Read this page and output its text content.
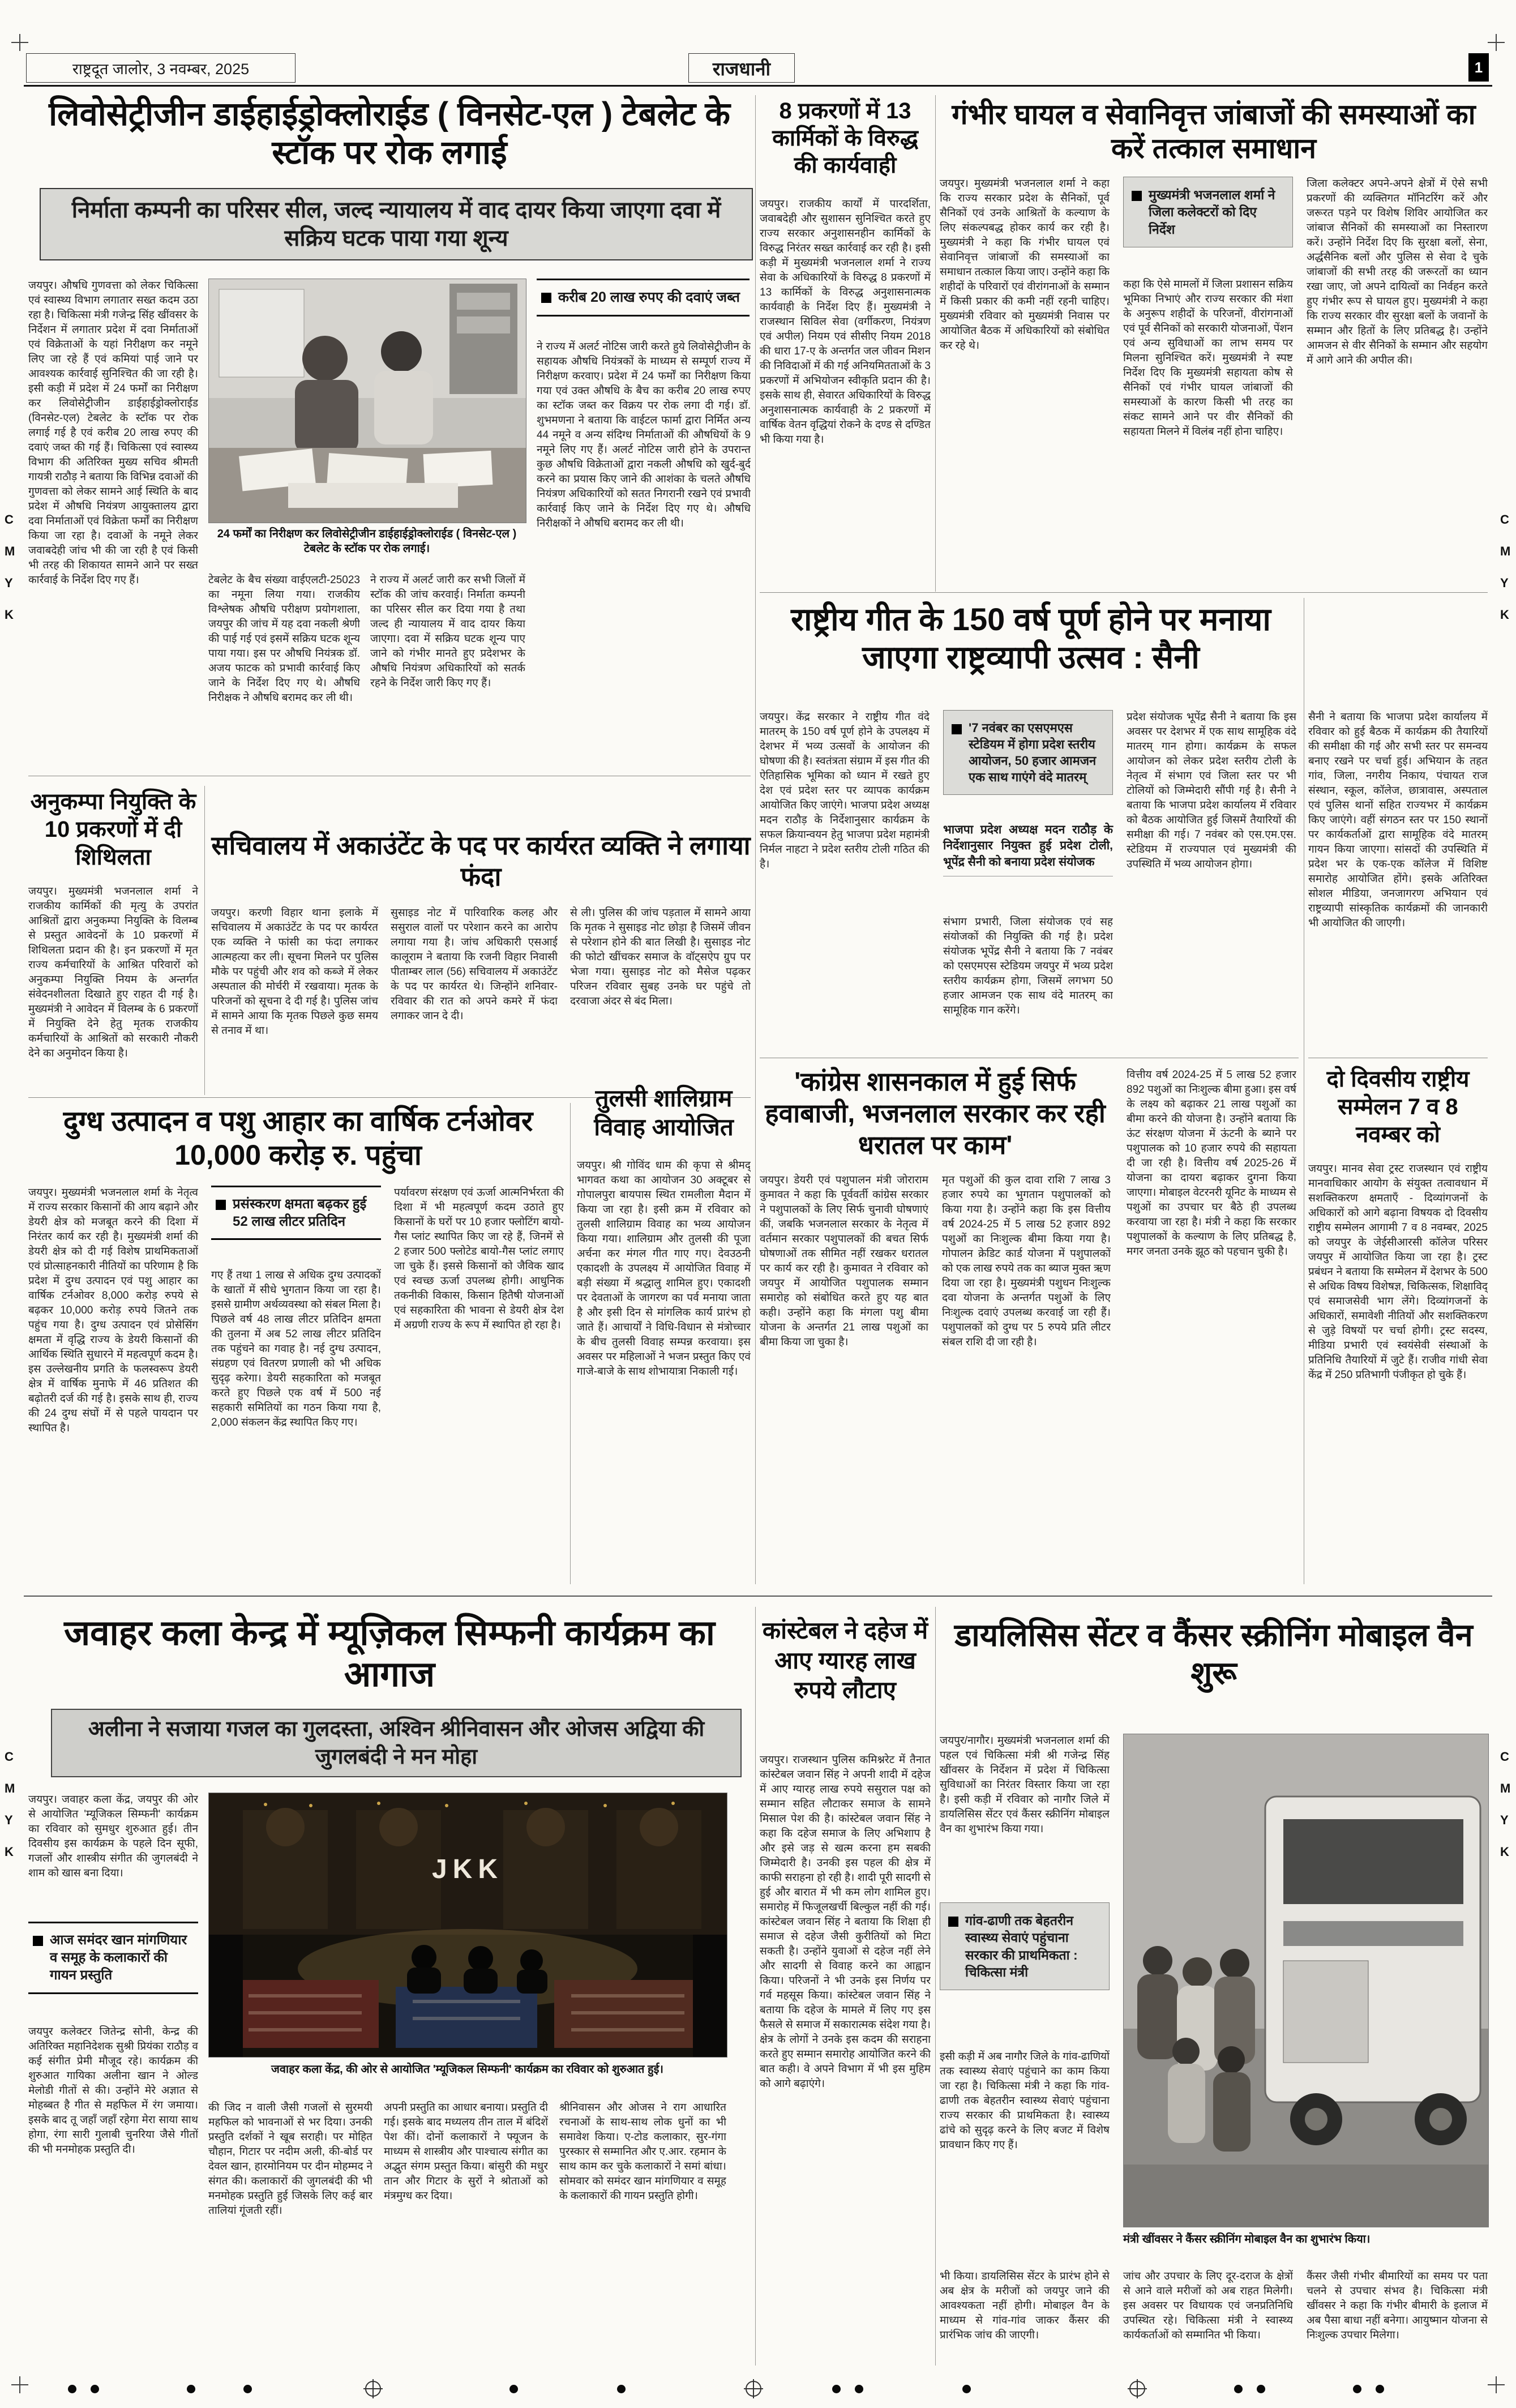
राष्ट्रदूत जालोर, 3 नवम्बर, 2025	राजधानी	1
लिवोसेट्रीजीन डाईहाईड्रोक्लोराईड ( विनसेट-एल ) टेबलेट के स्टॉक पर रोक लगाई
निर्माता कम्पनी का परिसर सील, जल्द न्यायालय में वाद दायर किया जाएगा दवा में सक्रिय घटक पाया गया शून्य
जयपुर। औषधि गुणवत्ता को लेकर चिकित्सा एवं स्वास्थ्य विभाग लगातार सख्त कदम उठा रहा है। चिकित्सा मंत्री गजेन्द्र सिंह खींवसर के निर्देशन में लगातार प्रदेश में दवा निर्माताओं एवं विक्रेताओं के यहां निरीक्षण कर नमूने लिए जा रहे हैं एवं कमियां पाई जाने पर आवश्यक कार्रवाई सुनिश्चित की जा रही है। इसी कड़ी में प्रदेश में 24 फर्मों का निरीक्षण कर लिवोसेट्रीजीन डाईहाईड्रोक्लोराईड (विनसेट-एल) टेबलेट के स्टॉक पर रोक लगाई गई है एवं करीब 20 लाख रुपए की दवाएं जब्त की गई हैं। चिकित्सा एवं स्वास्थ्य विभाग की अतिरिक्त मुख्य सचिव श्रीमती गायत्री राठौड़ ने बताया कि विभिन्न दवाओं की गुणवत्ता को लेकर सामने आई स्थिति के बाद प्रदेश में औषधि नियंत्रण आयुक्तालय द्वारा दवा निर्माताओं एवं विक्रेता फर्मों का निरीक्षण किया जा रहा है। दवाओं के नमूने लेकर जवाबदेही जांच भी की जा रही है एवं किसी भी तरह की शिकायत सामने आने पर सख्त कार्रवाई के निर्देश दिए गए हैं।
24 फर्मों का निरीक्षण कर लिवोसेट्रीजीन डाईहाईड्रोक्लोराईड ( विनसेट-एल ) टेबलेट के स्टॉक पर रोक लगाई।
टेबलेट के बैच संख्या वाईएलटी-25023 का नमूना लिया गया। राजकीय विश्लेषक औषधि परीक्षण प्रयोगशाला, जयपुर की जांच में यह दवा नकली श्रेणी की पाई गई एवं इसमें सक्रिय घटक शून्य पाया गया। इस पर औषधि नियंत्रक डॉ. अजय फाटक को प्रभावी कार्रवाई किए जाने के निर्देश दिए गए थे। औषधि निरीक्षक ने औषधि बरामद कर ली थी।
ने राज्य में अलर्ट जारी कर सभी जिलों में स्टॉक की जांच करवाई। निर्माता कम्पनी का परिसर सील कर दिया गया है तथा जल्द ही न्यायालय में वाद दायर किया जाएगा। दवा में सक्रिय घटक शून्य पाए जाने को गंभीर मानते हुए प्रदेशभर के औषधि नियंत्रण अधिकारियों को सतर्क रहने के निर्देश जारी किए गए हैं।
करीब 20 लाख रुपए की दवाएं जब्त
ने राज्य में अलर्ट नोटिस जारी करते हुये लिवोसेट्रीजीन के सहायक औषधि नियंत्रकों के माध्यम से सम्पूर्ण राज्य में निरीक्षण करवाए। प्रदेश में 24 फर्मों का निरीक्षण किया गया एवं उक्त औषधि के बैच का करीब 20 लाख रुपए का स्टॉक जब्त कर विक्रय पर रोक लगा दी गई। डॉ. शुभमणना ने बताया कि वाईटल फार्मा द्वारा निर्मित अन्य 44 नमूने व अन्य संदिग्ध निर्माताओं की औषधियों के 9 नमूने लिए गए हैं। अलर्ट नोटिस जारी होने के उपरान्त कुछ औषधि विक्रेताओं द्वारा नकली औषधि को खुर्द-बुर्द करने का प्रयास किए जाने की आशंका के चलते औषधि नियंत्रण अधिकारियों को सतत निगरानी रखने एवं प्रभावी कार्रवाई किए जाने के निर्देश दिए गए थे। औषधि निरीक्षकों ने औषधि बरामद कर ली थी।
8 प्रकरणों में 13 कार्मिकों के विरुद्ध की कार्यवाही
जयपुर। राजकीय कार्यों में पारदर्शिता, जवाबदेही और सुशासन सुनिश्चित करते हुए राज्य सरकार अनुशासनहीन कार्मिकों के विरुद्ध निरंतर सख्त कार्रवाई कर रही है। इसी कड़ी में मुख्यमंत्री भजनलाल शर्मा ने राज्य सेवा के अधिकारियों के विरुद्ध 8 प्रकरणों में 13 कार्मिकों के विरुद्ध अनुशासनात्मक कार्यवाही के निर्देश दिए हैं। मुख्यमंत्री ने राजस्थान सिविल सेवा (वर्गीकरण, नियंत्रण एवं अपील) नियम एवं सीसीए नियम 2018 की धारा 17-ए के अन्तर्गत जल जीवन मिशन की निविदाओं में की गई अनियमितताओं के 3 प्रकरणों में अभियोजन स्वीकृति प्रदान की है। इसके साथ ही, सेवारत अधिकारियों के विरुद्ध अनुशासनात्मक कार्यवाही के 2 प्रकरणों में वार्षिक वेतन वृद्धियां रोकने के दण्ड से दण्डित भी किया गया है।
गंभीर घायल व सेवानिवृत्त जांबाजों की समस्याओं का करें तत्काल समाधान
जयपुर। मुख्यमंत्री भजनलाल शर्मा ने कहा कि राज्य सरकार प्रदेश के सैनिकों, पूर्व सैनिकों एवं उनके आश्रितों के कल्याण के लिए संकल्पबद्ध होकर कार्य कर रही है। मुख्यमंत्री ने कहा कि गंभीर घायल एवं सेवानिवृत्त जांबाजों की समस्याओं का समाधान तत्काल किया जाए। उन्होंने कहा कि शहीदों के परिवारों एवं वीरांगनाओं के सम्मान में किसी प्रकार की कमी नहीं रहनी चाहिए। मुख्यमंत्री रविवार को मुख्यमंत्री निवास पर आयोजित बैठक में अधिकारियों को संबोधित कर रहे थे।
मुख्यमंत्री भजनलाल शर्मा ने जिला कलेक्टरों को दिए निर्देश
कहा कि ऐसे मामलों में जिला प्रशासन सक्रिय भूमिका निभाएं और राज्य सरकार की मंशा के अनुरूप शहीदों के परिजनों, वीरांगनाओं एवं पूर्व सैनिकों को सरकारी योजनाओं, पेंशन एवं अन्य सुविधाओं का लाभ समय पर मिलना सुनिश्चित करें। मुख्यमंत्री ने स्पष्ट निर्देश दिए कि मुख्यमंत्री सहायता कोष से सैनिकों एवं गंभीर घायल जांबाजों की समस्याओं के कारण किसी भी तरह का संकट सामने आने पर वीर सैनिकों की सहायता मिलने में विलंब नहीं होना चाहिए।
जिला कलेक्टर अपने-अपने क्षेत्रों में ऐसे सभी प्रकरणों की व्यक्तिगत मॉनिटरिंग करें और जरूरत पड़ने पर विशेष शिविर आयोजित कर जांबाज सैनिकों की समस्याओं का निस्तारण करें। उन्होंने निर्देश दिए कि सुरक्षा बलों, सेना, अर्द्धसैनिक बलों और पुलिस से सेवा दे चुके जांबाजों की सभी तरह की जरूरतों का ध्यान रखा जाए, जो अपने दायित्वों का निर्वहन करते हुए गंभीर रूप से घायल हुए। मुख्यमंत्री ने कहा कि राज्य सरकार वीर सुरक्षा बलों के जवानों के सम्मान और हितों के लिए प्रतिबद्ध है। उन्होंने आमजन से वीर सैनिकों के सम्मान और सहयोग में आगे आने की अपील की।
राष्ट्रीय गीत के 150 वर्ष पूर्ण होने पर मनाया जाएगा राष्ट्रव्यापी उत्सव : सैनी
जयपुर। केंद्र सरकार ने राष्ट्रीय गीत वंदे मातरम् के 150 वर्ष पूर्ण होने के उपलक्ष्य में देशभर में भव्य उत्सवों के आयोजन की घोषणा की है। स्वतंत्रता संग्राम में इस गीत की ऐतिहासिक भूमिका को ध्यान में रखते हुए देश एवं प्रदेश स्तर पर व्यापक कार्यक्रम आयोजित किए जाएंगे। भाजपा प्रदेश अध्यक्ष मदन राठौड़ के निर्देशानुसार कार्यक्रम के सफल क्रियान्वयन हेतु भाजपा प्रदेश महामंत्री निर्मल नाहटा ने प्रदेश स्तरीय टोली गठित की है।
'7 नवंबर का एसएमएस स्टेडियम में होगा प्रदेश स्तरीय आयोजन, 50 हजार आमजन एक साथ गाएंगे वंदे मातरम्
भाजपा प्रदेश अध्यक्ष मदन राठौड़ के निर्देशानुसार नियुक्त हुई प्रदेश टोली, भूपेंद्र सैनी को बनाया प्रदेश संयोजक
संभाग प्रभारी, जिला संयोजक एवं सह संयोजकों की नियुक्ति की गई है। प्रदेश संयोजक भूपेंद्र सैनी ने बताया कि 7 नवंबर को एसएमएस स्टेडियम जयपुर में भव्य प्रदेश स्तरीय कार्यक्रम होगा, जिसमें लगभग 50 हजार आमजन एक साथ वंदे मातरम् का सामूहिक गान करेंगे।
प्रदेश संयोजक भूपेंद्र सैनी ने बताया कि इस अवसर पर देशभर में एक साथ सामूहिक वंदे मातरम् गान होगा। कार्यक्रम के सफल आयोजन को लेकर प्रदेश स्तरीय टोली के नेतृत्व में संभाग एवं जिला स्तर पर भी टोलियों को जिम्मेदारी सौंपी गई है। सैनी ने बताया कि भाजपा प्रदेश कार्यालय में रविवार को बैठक आयोजित हुई जिसमें तैयारियों की समीक्षा की गई। 7 नवंबर को एस.एम.एस. स्टेडियम में राज्यपाल एवं मुख्यमंत्री की उपस्थिति में भव्य आयोजन होगा।
सैनी ने बताया कि भाजपा प्रदेश कार्यालय में रविवार को हुई बैठक में कार्यक्रम की तैयारियों की समीक्षा की गई और सभी स्तर पर समन्वय बनाए रखने पर चर्चा हुई। अभियान के तहत गांव, जिला, नगरीय निकाय, पंचायत राज संस्थान, स्कूल, कॉलेज, छात्रावास, अस्पताल एवं पुलिस थानों सहित राज्यभर में कार्यक्रम किए जाएंगे। वहीं संगठन स्तर पर 150 स्थानों पर कार्यकर्ताओं द्वारा सामूहिक वंदे मातरम् गायन किया जाएगा। सांसदों की उपस्थिति में प्रदेश भर के एक-एक कॉलेज में विशिष्ट समारोह आयोजित होंगे। इसके अतिरिक्त सोशल मीडिया, जनजागरण अभियान एवं राष्ट्रव्यापी सांस्कृतिक कार्यक्रमों की जानकारी भी आयोजित की जाएगी।
'कांग्रेस शासनकाल में हुई सिर्फ हवाबाजी, भजनलाल सरकार कर रही धरातल पर काम'
जयपुर। डेयरी एवं पशुपालन मंत्री जोराराम कुमावत ने कहा कि पूर्ववर्ती कांग्रेस सरकार ने पशुपालकों के लिए सिर्फ चुनावी घोषणाएं कीं, जबकि भजनलाल सरकार के नेतृत्व में वर्तमान सरकार पशुपालकों की बचत सिर्फ घोषणाओं तक सीमित नहीं रखकर धरातल पर कार्य कर रही है। कुमावत ने रविवार को जयपुर में आयोजित पशुपालक सम्मान समारोह को संबोधित करते हुए यह बात कही। उन्होंने कहा कि मंगला पशु बीमा योजना के अन्तर्गत 21 लाख पशुओं का बीमा किया जा चुका है।
मृत पशुओं की कुल दावा राशि 7 लाख 3 हजार रुपये का भुगतान पशुपालकों को किया गया है। उन्होंने कहा कि इस वित्तीय वर्ष 2024-25 में 5 लाख 52 हजार 892 पशुओं का निःशुल्क बीमा किया गया है। गोपालन क्रेडिट कार्ड योजना में पशुपालकों को एक लाख रुपये तक का ब्याज मुक्त ऋण दिया जा रहा है। मुख्यमंत्री पशुधन निःशुल्क दवा योजना के अन्तर्गत पशुओं के लिए निःशुल्क दवाएं उपलब्ध करवाई जा रही हैं। पशुपालकों को दुग्ध पर 5 रुपये प्रति लीटर संबल राशि दी जा रही है।
वित्तीय वर्ष 2024-25 में 5 लाख 52 हजार 892 पशुओं का निःशुल्क बीमा हुआ। इस वर्ष के लक्ष्य को बढ़ाकर 21 लाख पशुओं का बीमा करने की योजना है। उन्होंने बताया कि ऊंट संरक्षण योजना में ऊंटनी के ब्याने पर पशुपालक को 10 हजार रुपये की सहायता दी जा रही है। वित्तीय वर्ष 2025-26 में योजना का दायरा बढ़ाकर दुगना किया जाएगा। मोबाइल वेटरनरी यूनिट के माध्यम से पशुओं का उपचार घर बैठे ही उपलब्ध करवाया जा रहा है। मंत्री ने कहा कि सरकार पशुपालकों के कल्याण के लिए प्रतिबद्ध है, मगर जनता उनके झूठ को पहचान चुकी है।
दो दिवसीय राष्ट्रीय सम्मेलन 7 व 8 नवम्बर को
जयपुर। मानव सेवा ट्रस्ट राजस्थान एवं राष्ट्रीय मानवाधिकार आयोग के संयुक्त तत्वावधान में सशक्तिकरण क्षमताएँ - दिव्यांगजनों के अधिकारों को आगे बढ़ाना विषयक दो दिवसीय राष्ट्रीय सम्मेलन आगामी 7 व 8 नवम्बर, 2025 को जयपुर के जेईसीआरसी कॉलेज परिसर जयपुर में आयोजित किया जा रहा है। ट्रस्ट प्रबंधन ने बताया कि सम्मेलन में देशभर के 500 से अधिक विषय विशेषज्ञ, चिकित्सक, शिक्षाविद् एवं समाजसेवी भाग लेंगे। दिव्यांगजनों के अधिकारों, समावेशी नीतियों और सशक्तिकरण से जुड़े विषयों पर चर्चा होगी। ट्रस्ट सदस्य, मीडिया प्रभारी एवं स्वयंसेवी संस्थाओं के प्रतिनिधि तैयारियों में जुटे हैं। राजीव गांधी सेवा केंद्र में 250 प्रतिभागी पंजीकृत हो चुके हैं।
अनुकम्पा नियुक्ति के 10 प्रकरणों में दी शिथिलता
जयपुर। मुख्यमंत्री भजनलाल शर्मा ने राजकीय कार्मिकों की मृत्यु के उपरांत आश्रितों द्वारा अनुकम्पा नियुक्ति के विलम्ब से प्रस्तुत आवेदनों के 10 प्रकरणों में शिथिलता प्रदान की है। इन प्रकरणों में मृत राज्य कर्मचारियों के आश्रित परिवारों को अनुकम्पा नियुक्ति नियम के अन्तर्गत संवेदनशीलता दिखाते हुए राहत दी गई है। मुख्यमंत्री ने आवेदन में विलम्ब के 6 प्रकरणों में नियुक्ति देने हेतु मृतक राजकीय कर्मचारियों के आश्रितों को सरकारी नौकरी देने का अनुमोदन किया है।
सचिवालय में अकाउंटेंट के पद पर कार्यरत व्यक्ति ने लगाया फंदा
जयपुर। करणी विहार थाना इलाके में सचिवालय में अकाउंटेंट के पद पर कार्यरत एक व्यक्ति ने फांसी का फंदा लगाकर आत्महत्या कर ली। सूचना मिलने पर पुलिस मौके पर पहुंची और शव को कब्जे में लेकर अस्पताल की मोर्चरी में रखवाया। मृतक के परिजनों को सूचना दे दी गई है। पुलिस जांच में सामने आया कि मृतक पिछले कुछ समय से तनाव में था।
सुसाइड नोट में पारिवारिक कलह और ससुराल वालों पर परेशान करने का आरोप लगाया गया है। जांच अधिकारी एसआई कालूराम ने बताया कि रजनी विहार निवासी पीताम्बर लाल (56) सचिवालय में अकाउंटेंट के पद पर कार्यरत थे। जिन्होंने शनिवार-रविवार की रात को अपने कमरे में फंदा लगाकर जान दे दी।
से ली। पुलिस की जांच पड़ताल में सामने आया कि मृतक ने सुसाइड नोट छोड़ा है जिसमें जीवन से परेशान होने की बात लिखी है। सुसाइड नोट की फोटो खींचकर समाज के वॉट्सऐप ग्रुप पर भेजा गया। सुसाइड नोट को मैसेज पढ़कर परिजन रविवार सुबह उनके घर पहुंचे तो दरवाजा अंदर से बंद मिला।
दुग्ध उत्पादन व पशु आहार का वार्षिक टर्नओवर 10,000 करोड़ रु. पहुंचा
जयपुर। मुख्यमंत्री भजनलाल शर्मा के नेतृत्व में राज्य सरकार किसानों की आय बढ़ाने और डेयरी क्षेत्र को मजबूत करने की दिशा में निरंतर कार्य कर रही है। मुख्यमंत्री शर्मा की डेयरी क्षेत्र को दी गई विशेष प्राथमिकताओं एवं प्रोत्साहनकारी नीतियों का परिणाम है कि प्रदेश में दुग्ध उत्पादन एवं पशु आहार का वार्षिक टर्नओवर 8,000 करोड़ रुपये से बढ़कर 10,000 करोड़ रुपये जितने तक पहुंच गया है। दुग्ध उत्पादन एवं प्रोसेसिंग क्षमता में वृद्धि राज्य के डेयरी किसानों की आर्थिक स्थिति सुधारने में महत्वपूर्ण कदम है। इस उल्लेखनीय प्रगति के फलस्वरूप डेयरी क्षेत्र में वार्षिक मुनाफे में 46 प्रतिशत की बढ़ोतरी दर्ज की गई है। इसके साथ ही, राज्य की 24 दुग्ध संघों में से पहले पायदान पर स्थापित है।
प्रसंस्करण क्षमता बढ़कर हुई 52 लाख लीटर प्रतिदिन
गए हैं तथा 1 लाख से अधिक दुग्ध उत्पादकों के खातों में सीधे भुगतान किया जा रहा है। इससे ग्रामीण अर्थव्यवस्था को संबल मिला है। पिछले वर्ष 48 लाख लीटर प्रतिदिन क्षमता की तुलना में अब 52 लाख लीटर प्रतिदिन तक पहुंचने का गवाह है। नई दुग्ध उत्पादन, संग्रहण एवं वितरण प्रणाली को भी अधिक सुदृढ़ करेगा। डेयरी सहकारिता को मजबूत करते हुए पिछले एक वर्ष में 500 नई सहकारी समितियों का गठन किया गया है, 2,000 संकलन केंद्र स्थापित किए गए।
पर्यावरण संरक्षण एवं ऊर्जा आत्मनिर्भरता की दिशा में भी महत्वपूर्ण कदम उठाते हुए किसानों के घरों पर 10 हजार फ्लोटिंग बायो-गैस प्लांट स्थापित किए जा रहे हैं, जिनमें से 2 हजार 500 फ्लोटेड बायो-गैस प्लांट लगाए जा चुके हैं। इससे किसानों को जैविक खाद एवं स्वच्छ ऊर्जा उपलब्ध होगी। आधुनिक तकनीकी विकास, किसान हितैषी योजनाओं एवं सहकारिता की भावना से डेयरी क्षेत्र देश में अग्रणी राज्य के रूप में स्थापित हो रहा है।
तुलसी शालिग्राम विवाह आयोजित
जयपुर। श्री गोविंद धाम की कृपा से श्रीमद् भागवत कथा का आयोजन 30 अक्टूबर से गोपालपुरा बायपास स्थित रामलीला मैदान में किया जा रहा है। इसी क्रम में रविवार को तुलसी शालिग्राम विवाह का भव्य आयोजन किया गया। शालिग्राम और तुलसी की पूजा अर्चना कर मंगल गीत गाए गए। देवउठनी एकादशी के उपलक्ष्य में आयोजित विवाह में बड़ी संख्या में श्रद्धालु शामिल हुए। एकादशी पर देवताओं के जागरण का पर्व मनाया जाता है और इसी दिन से मांगलिक कार्य प्रारंभ हो जाते हैं। आचार्यों ने विधि-विधान से मंत्रोच्चार के बीच तुलसी विवाह सम्पन्न करवाया। इस अवसर पर महिलाओं ने भजन प्रस्तुत किए एवं गाजे-बाजे के साथ शोभायात्रा निकाली गई।
जवाहर कला केन्द्र में म्यूज़िकल सिम्फनी कार्यक्रम का आगाज
अलीना ने सजाया गजल का गुलदस्ता, अश्विन श्रीनिवासन और ओजस अद्विया की जुगलबंदी ने मन मोहा
जयपुर। जवाहर कला केंद्र, जयपुर की ओर से आयोजित 'म्यूजिकल सिम्फनी' कार्यक्रम का रविवार को सुमधुर शुरुआत हुई। तीन दिवसीय इस कार्यक्रम के पहले दिन सूफी, गजलों और शास्त्रीय संगीत की जुगलबंदी ने शाम को खास बना दिया।
आज समंदर खान मांगणियार व समूह के कलाकारों की गायन प्रस्तुति
जयपुर कलेक्टर जितेन्द्र सोनी, केन्द्र की अतिरिक्त महानिदेशक सुश्री प्रियंका राठौड़ व कई संगीत प्रेमी मौजूद रहे। कार्यक्रम की शुरुआत गायिका अलीना खान ने ओल्ड मेलोडी गीतों से की। उन्होंने मेरे अज्ञात से मोहब्बत है गीत से महफिल में रंग जमाया। इसके बाद तू जहाँ जहाँ रहेगा मेरा साया साथ होगा, रंगा सारी गुलाबी चुनरिया जैसे गीतों की भी मनमोहक प्रस्तुति दी।
JKK
जवाहर कला केंद्र, की ओर से आयोजित 'म्यूजिकल सिम्फनी' कार्यक्रम का रविवार को शुरुआत हुई।
की जिद न वाली जैसी गजलों से सुरमयी महफिल को भावनाओं से भर दिया। उनकी प्रस्तुति दर्शकों ने खूब सराही। पर मोहित चौहान, गिटार पर नदीम अली, की-बोर्ड पर देवल खान, हारमोनियम पर दीन मोहम्मद ने संगत की। कलाकारों की जुगलबंदी की भी मनमोहक प्रस्तुति हुई जिसके लिए कई बार तालियां गूंजती रहीं।
अपनी प्रस्तुति का आधार बनाया। प्रस्तुति दी गई। इसके बाद मध्यलय तीन ताल में बंदिशें पेश कीं। दोनों कलाकारों ने फ्यूजन के माध्यम से शास्त्रीय और पाश्चात्य संगीत का अद्भुत संगम प्रस्तुत किया। बांसुरी की मधुर तान और गिटार के सुरों ने श्रोताओं को मंत्रमुग्ध कर दिया।
श्रीनिवासन और ओजस ने राग आधारित रचनाओं के साथ-साथ लोक धुनों का भी समावेश किया। ए-टोड कलाकार, सुर-गंगा पुरस्कार से सम्मानित और ए.आर. रहमान के साथ काम कर चुके कलाकारों ने समां बांधा। सोमवार को समंदर खान मांगणियार व समूह के कलाकारों की गायन प्रस्तुति होगी।
कांस्टेबल ने दहेज में आए ग्यारह लाख रुपये लौटाए
जयपुर। राजस्थान पुलिस कमिश्नरेट में तैनात कांस्टेबल जवान सिंह ने अपनी शादी में दहेज में आए ग्यारह लाख रुपये ससुराल पक्ष को सम्मान सहित लौटाकर समाज के सामने मिसाल पेश की है। कांस्टेबल जवान सिंह ने कहा कि दहेज समाज के लिए अभिशाप है और इसे जड़ से खत्म करना हम सबकी जिम्मेदारी है। उनकी इस पहल की क्षेत्र में काफी सराहना हो रही है। शादी पूरी सादगी से हुई और बारात में भी कम लोग शामिल हुए। समारोह में फिजूलखर्ची बिल्कुल नहीं की गई। कांस्टेबल जवान सिंह ने बताया कि शिक्षा ही समाज से दहेज जैसी कुरीतियों को मिटा सकती है। उन्होंने युवाओं से दहेज नहीं लेने और सादगी से विवाह करने का आह्वान किया। परिजनों ने भी उनके इस निर्णय पर गर्व महसूस किया। कांस्टेबल जवान सिंह ने बताया कि दहेज के मामले में लिए गए इस फैसले से समाज में सकारात्मक संदेश गया है। क्षेत्र के लोगों ने उनके इस कदम की सराहना करते हुए सम्मान समारोह आयोजित करने की बात कही। वे अपने विभाग में भी इस मुहिम को आगे बढ़ाएंगे।
डायलिसिस सेंटर व कैंसर स्क्रीनिंग मोबाइल वैन शुरू
जयपुर/नागौर। मुख्यमंत्री भजनलाल शर्मा की पहल एवं चिकित्सा मंत्री श्री गजेन्द्र सिंह खींवसर के निर्देशन में प्रदेश में चिकित्सा सुविधाओं का निरंतर विस्तार किया जा रहा है। इसी कड़ी में रविवार को नागौर जिले में डायलिसिस सेंटर एवं कैंसर स्क्रीनिंग मोबाइल वैन का शुभारंभ किया गया।
गांव-ढाणी तक बेहतरीन स्वास्थ्य सेवाएं पहुंचाना सरकार की प्राथमिकता : चिकित्सा मंत्री
इसी कड़ी में अब नागौर जिले के गांव-ढाणियों तक स्वास्थ्य सेवाएं पहुंचाने का काम किया जा रहा है। चिकित्सा मंत्री ने कहा कि गांव-ढाणी तक बेहतरीन स्वास्थ्य सेवाएं पहुंचाना राज्य सरकार की प्राथमिकता है। स्वास्थ्य ढांचे को सुदृढ़ करने के लिए बजट में विशेष प्रावधान किए गए हैं।
मंत्री खींवसर ने कैंसर स्क्रीनिंग मोबाइल वैन का शुभारंभ किया।
भी किया। डायलिसिस सेंटर के प्रारंभ होने से अब क्षेत्र के मरीजों को जयपुर जाने की आवश्यकता नहीं होगी। मोबाइल वैन के माध्यम से गांव-गांव जाकर कैंसर की प्रारंभिक जांच की जाएगी।
जांच और उपचार के लिए दूर-दराज के क्षेत्रों से आने वाले मरीजों को अब राहत मिलेगी। इस अवसर पर विधायक एवं जनप्रतिनिधि उपस्थित रहे। चिकित्सा मंत्री ने स्वास्थ्य कार्यकर्ताओं को सम्मानित भी किया।
कैंसर जैसी गंभीर बीमारियों का समय पर पता चलने से उपचार संभव है। चिकित्सा मंत्री खींवसर ने कहा कि गंभीर बीमारी के इलाज में अब पैसा बाधा नहीं बनेगा। आयुष्मान योजना से निःशुल्क उपचार मिलेगा।
C
M
Y
K
C
M
Y
K
C
M
Y
K
C
M
Y
K
